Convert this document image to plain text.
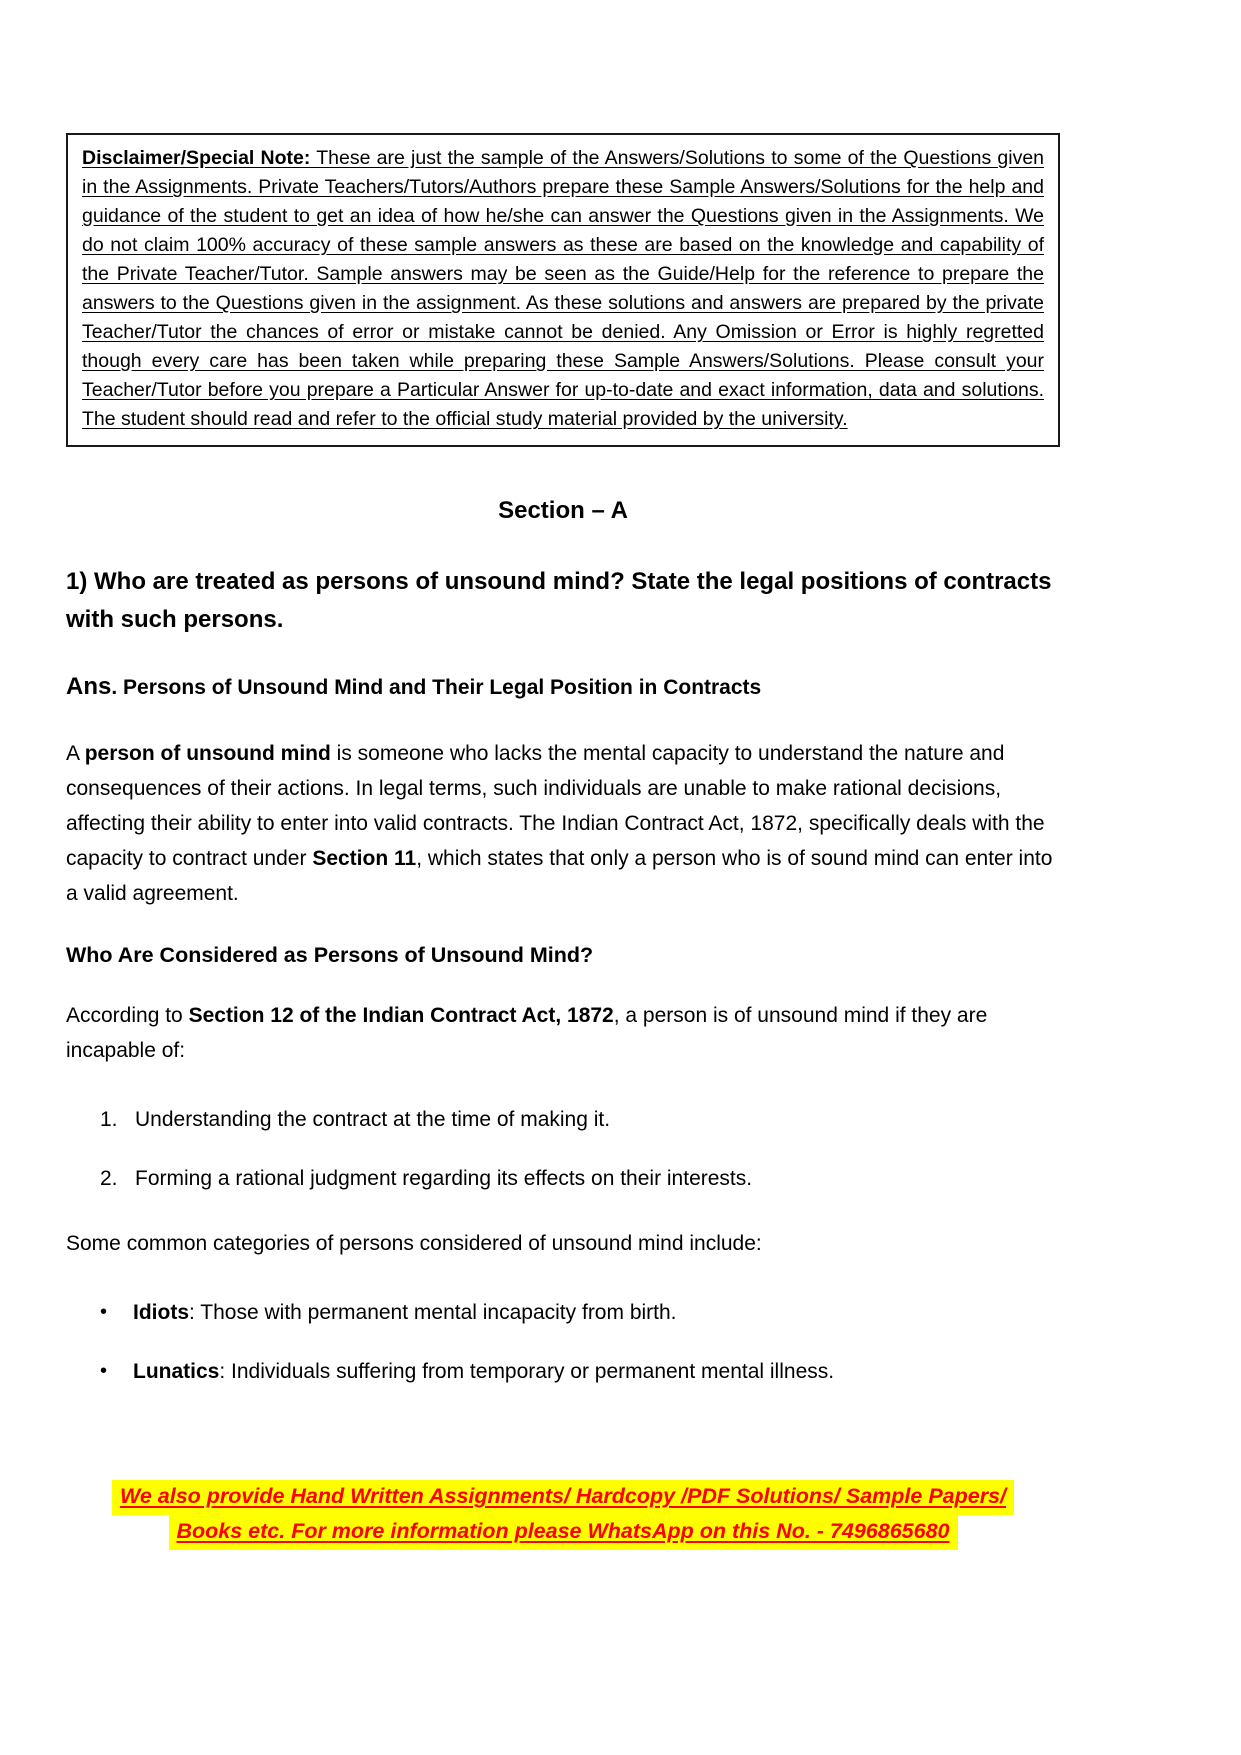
Disclaimer/Special Note: These are just the sample of the Answers/Solutions to some of the Questions given in the Assignments. Private Teachers/Tutors/Authors prepare these Sample Answers/Solutions for the help and guidance of the student to get an idea of how he/she can answer the Questions given in the Assignments. We do not claim 100% accuracy of these sample answers as these are based on the knowledge and capability of the Private Teacher/Tutor. Sample answers may be seen as the Guide/Help for the reference to prepare the answers to the Questions given in the assignment. As these solutions and answers are prepared by the private Teacher/Tutor the chances of error or mistake cannot be denied. Any Omission or Error is highly regretted though every care has been taken while preparing these Sample Answers/Solutions. Please consult your Teacher/Tutor before you prepare a Particular Answer for up-to-date and exact information, data and solutions. The student should read and refer to the official study material provided by the university.

Section – A
1) Who are treated as persons of unsound mind? State the legal positions of contracts with such persons.

Ans. Persons of Unsound Mind and Their Legal Position in Contracts

A person of unsound mind is someone who lacks the mental capacity to understand the nature and consequences of their actions. In legal terms, such individuals are unable to make rational decisions, affecting their ability to enter into valid contracts. The Indian Contract Act, 1872, specifically deals with the capacity to contract under Section 11, which states that only a person who is of sound mind can enter into a valid agreement.

Who Are Considered as Persons of Unsound Mind?

According to Section 12 of the Indian Contract Act, 1872, a person is of unsound mind if they are incapable of:

1. Understanding the contract at the time of making it.
2. Forming a rational judgment regarding its effects on their interests.

Some common categories of persons considered of unsound mind include:

•	Idiots: Those with permanent mental incapacity from birth.
•	Lunatics: Individuals suffering from temporary or permanent mental illness.
We also provide Hand Written Assignments/ Hardcopy /PDF Solutions/ Sample Papers/
Books etc. For more information please WhatsApp on this No. - 7496865680
